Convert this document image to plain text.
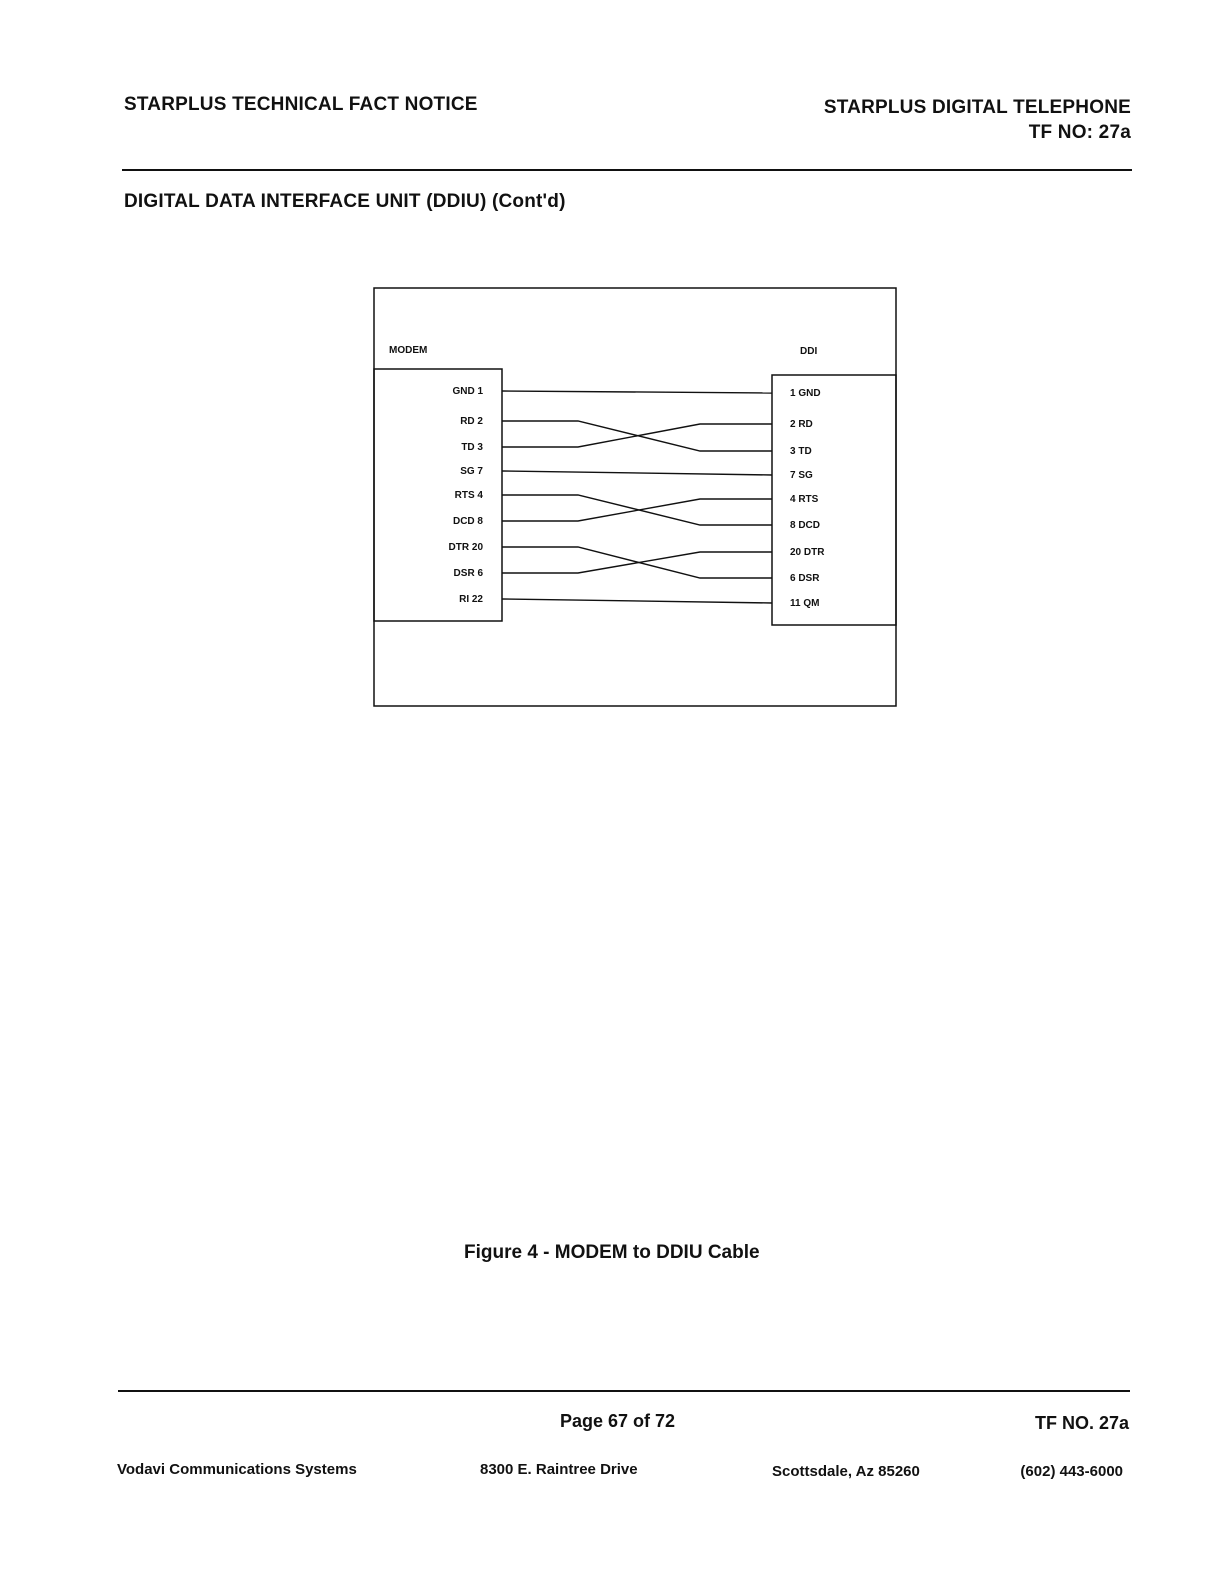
STARPLUS TECHNICAL FACT NOTICE	STARPLUS DIGITAL TELEPHONE
TF NO: 27a
DIGITAL DATA INTERFACE UNIT (DDIU) (Cont'd)
MODEM	DDI
GND 1
RD 2
TD 3
SG 7
RTS 4
DCD 8
DTR 20
DSR 6
RI 22
1 GND
2 RD
3 TD
7 SG
4 RTS
8 DCD
20 DTR
6 DSR
11 QM
Figure 4 - MODEM to DDIU Cable
Page 67 of 72	TF NO. 27a
Vodavi Communications Systems	8300 E. Raintree Drive	Scottsdale, Az 85260	(602) 443-6000
